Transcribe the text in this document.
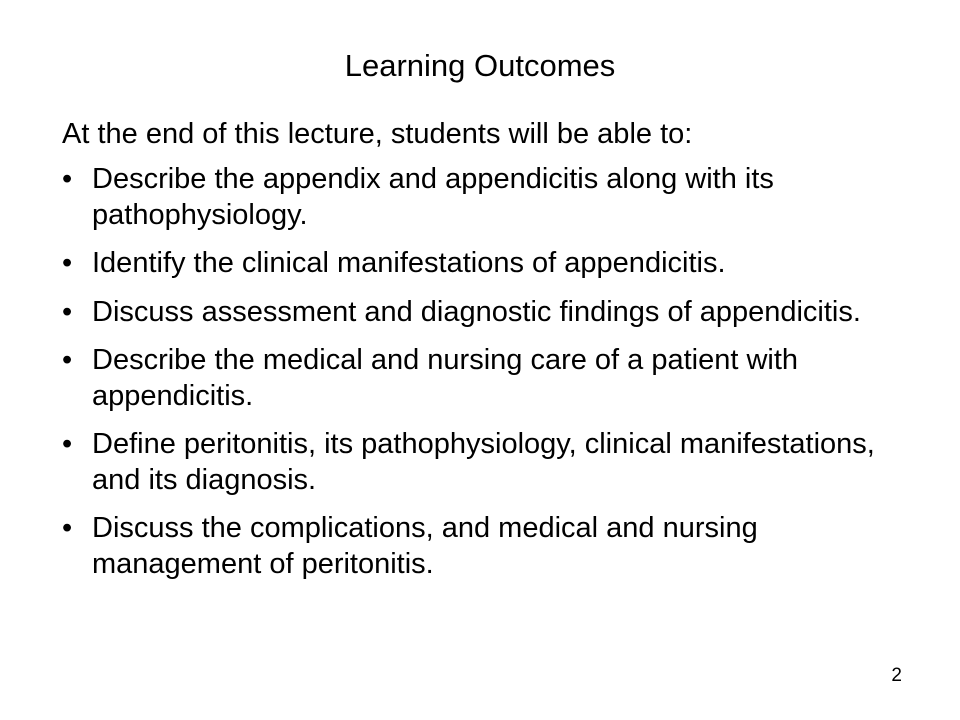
Learning Outcomes
At the end of this lecture, students will be able to:
• Describe the appendix and appendicitis along with its pathophysiology.
• Identify the clinical manifestations of appendicitis.
• Discuss assessment and diagnostic findings of appendicitis.
• Describe the medical and nursing care of a patient with appendicitis.
• Define peritonitis, its pathophysiology, clinical manifestations, and its diagnosis.
• Discuss the complications, and medical and nursing management of peritonitis.
2
